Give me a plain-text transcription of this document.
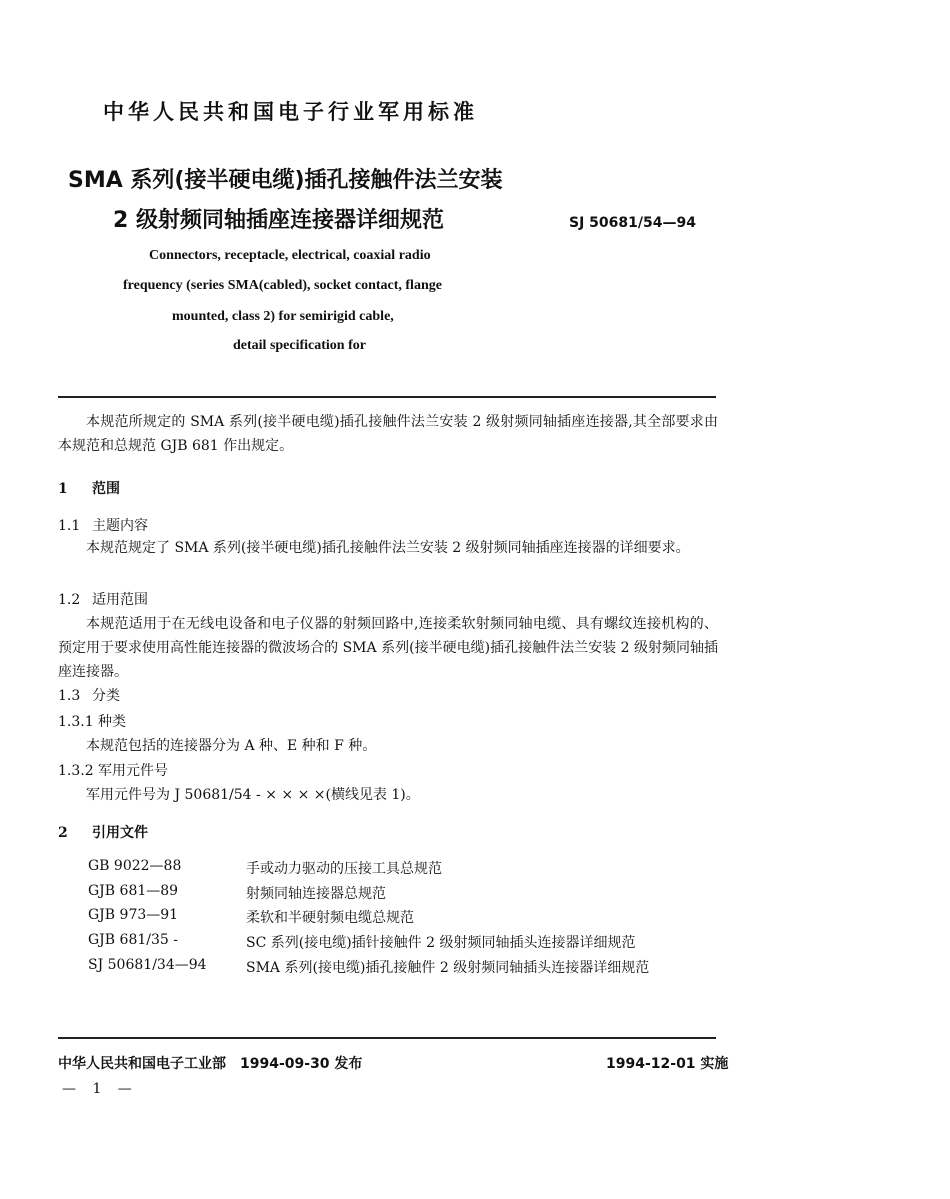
中华人民共和国电子行业军用标准
SMA 系列(接半硬电缆)插孔接触件法兰安装
2 级射频同轴插座连接器详细规范	SJ 50681/54—94
Connectors, receptacle, electrical, coaxial radio
frequency (series SMA(cabled), socket contact, flange
mounted, class 2) for semirigid cable,
detail specification for
本规范所规定的 SMA 系列(接半硬电缆)插孔接触件法兰安装 2 级射频同轴插座连接器,其全部要求由本规范和总规范 GJB 681 作出规定。
1 范围
1.1 主题内容
本规范规定了 SMA 系列(接半硬电缆)插孔接触件法兰安装 2 级射频同轴插座连接器的详细要求。
1.2 适用范围
本规范适用于在无线电设备和电子仪器的射频回路中,连接柔软射频同轴电缆、具有螺纹连接机构的、预定用于要求使用高性能连接器的微波场合的 SMA 系列(接半硬电缆)插孔接触件法兰安装 2 级射频同轴插座连接器。
1.3 分类
1.3.1 种类
本规范包括的连接器分为 A 种、E 种和 F 种。
1.3.2 军用元件号
军用元件号为 J 50681/54 - × × × ×(横线见表 1)。
2 引用文件
GB 9022—88	手或动力驱动的压接工具总规范
GJB 681—89	射频同轴连接器总规范
GJB 973—91	柔软和半硬射频电缆总规范
GJB 681/35 -	SC 系列(接电缆)插针接触件 2 级射频同轴插头连接器详细规范
SJ 50681/34—94	SMA 系列(接电缆)插孔接触件 2 级射频同轴插头连接器详细规范
中华人民共和国电子工业部　1994-09-30 发布	1994-12-01 实施
— 1 —
